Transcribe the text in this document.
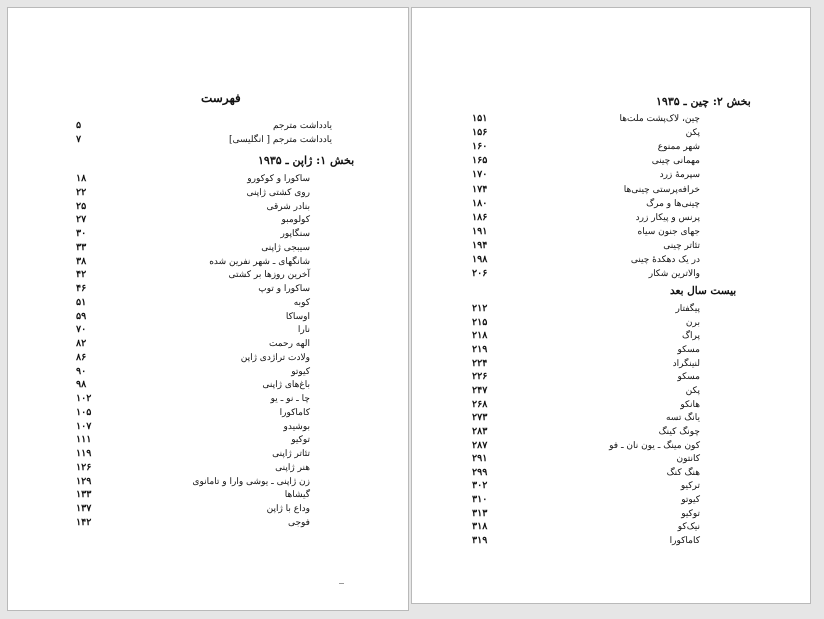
فهرست
یادداشت مترجم
۵
یادداشت مترجم [ انگلیسی]
۷
بخش ۱: ژاپن ـ ۱۹۳۵
ساکورا و کوکورو
۱۸
روی کشتی ژاپنی
۲۲
بنادر شرقی
۲۵
کولومبو
۲۷
سنگاپور
۳۰
سیبجی ژاپنی
۳۳
شانگهای ـ شهر نفرین شده
۳۸
آخرین روزها بر کشتی
۴۲
ساکورا و توپ
۴۶
کوبه
۵۱
اوساکا
۵۹
نارا
۷۰
الهه رحمت
۸۲
ولادت تراژدی ژاپن
۸۶
کیوتو
۹۰
باغ‌های ژاپنی
۹۸
چا ـ نو ـ یو
۱۰۲
کاماکورا
۱۰۵
بوشیدو
۱۰۷
توکیو
۱۱۱
تئاتر ژاپنی
۱۱۹
هنر ژاپنی
۱۲۶
زن ژاپنی ـ یوشی وارا و تامانوی
۱۲۹
گیشاها
۱۳۳
وداع با ژاپن
۱۳۷
فوجی
۱۴۲
بخش ۲: چین ـ ۱۹۳۵
چین، لاک‌پشت ملت‌ها
۱۵۱
پکن
۱۵۶
شهر ممنوع
۱۶۰
مهمانی چینی
۱۶۵
سپرمهٔ زرد
۱۷۰
خرافه‌پرستی چینی‌ها
۱۷۴
چینی‌ها و مرگ
۱۸۰
پرنس و پیکار زرد
۱۸۶
جهای جنون سیاه
۱۹۱
تئاتر چینی
۱۹۴
در یک دهکدهٔ چینی
۱۹۸
والاترین شکار
۲۰۶
بیست سال بعد
پیگفتار
۲۱۲
برن
۲۱۵
پراگ
۲۱۸
مسکو
۲۱۹
لنینگراد
۲۲۴
مسکو
۲۲۶
پکن
۲۴۷
هانکو
۲۶۸
یانگ تسه
۲۷۳
چونگ کینگ
۲۸۳
کون مینگ ـ یون نان ـ فو
۲۸۷
کانتون
۲۹۱
هنگ کنگ
۲۹۹
ترکیو
۳۰۲
کیوتو
۳۱۰
توکیو
۳۱۳
نیک‌کو
۳۱۸
کاماکورا
۳۱۹
